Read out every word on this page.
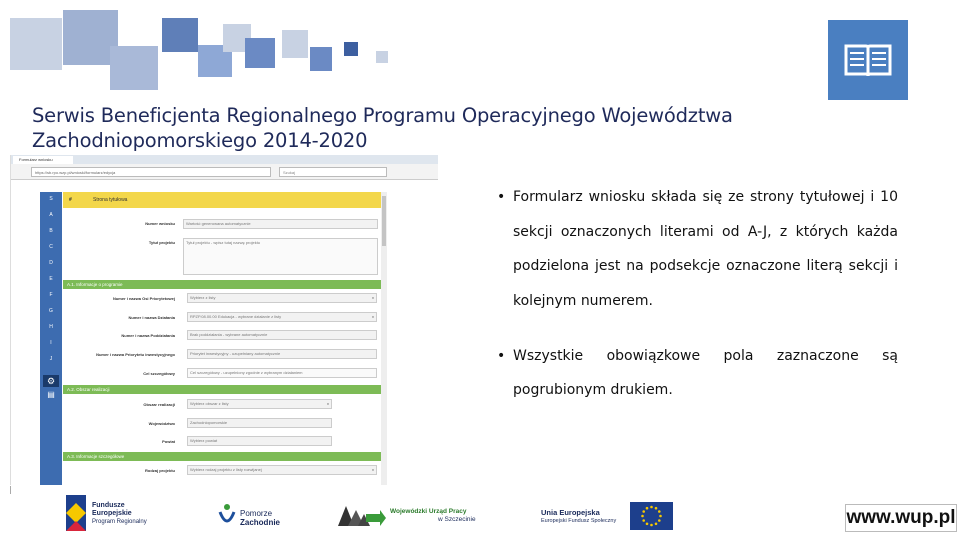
Serwis Beneficjenta Regionalnego Programu Operacyjnego Województwa
Zachodniopomorskiego 2014-2020
Formularz wniosku
https://sb.rpo.wzp.pl/wnioski/formularz/edycja	Szukaj
S
A
B
C
D
E
F
G
H
I
J
⚙
▤
#	Strona tytułowa
Numer wniosku	Wartość generowana automatycznie
Tytuł projektu	Tytuł projektu - wpisz tutaj nazwę projektu
A.1. Informacje o programie
Numer i nazwa Osi Priorytetowej	Wybierz z listy v
Numer i nazwa Działania	RPZP.08.00.00 Edukacja - wybrane działanie z listy v
Numer i nazwa Poddziałania	Brak poddziałania - wybrane automatycznie
Numer i nazwa Priorytetu inwestycyjnego	Priorytet inwestycyjny - uzupełniany automatycznie
Cel szczegółowy	Cel szczegółowy - uzupełniony zgodnie z wybranym działaniem
A.2. Obszar realizacji
Obszar realizacji	Wybierz obszar z listy v
Województwo	Zachodniopomorskie
Powiat	Wybierz powiat
A.3. Informacje szczegółowe
Rodzaj projektu	Wybierz rodzaj projektu z listy rozwijanej v
• Formularz wniosku składa się ze strony tytułowej i 10 sekcji oznaczonych literami od A-J, z których każda podzielona jest na podsekcje oznaczone literą sekcji i kolejnym numerem.
• Wszystkie obowiązkowe pola zaznaczone są pogrubionym drukiem.
Fundusze
Europejskie
Program Regionalny
Pomorze
Zachodnie
Wojewódzki Urząd Pracy
w Szczecinie
Unia Europejska
Europejski Fundusz Społeczny	www.wup.pl
